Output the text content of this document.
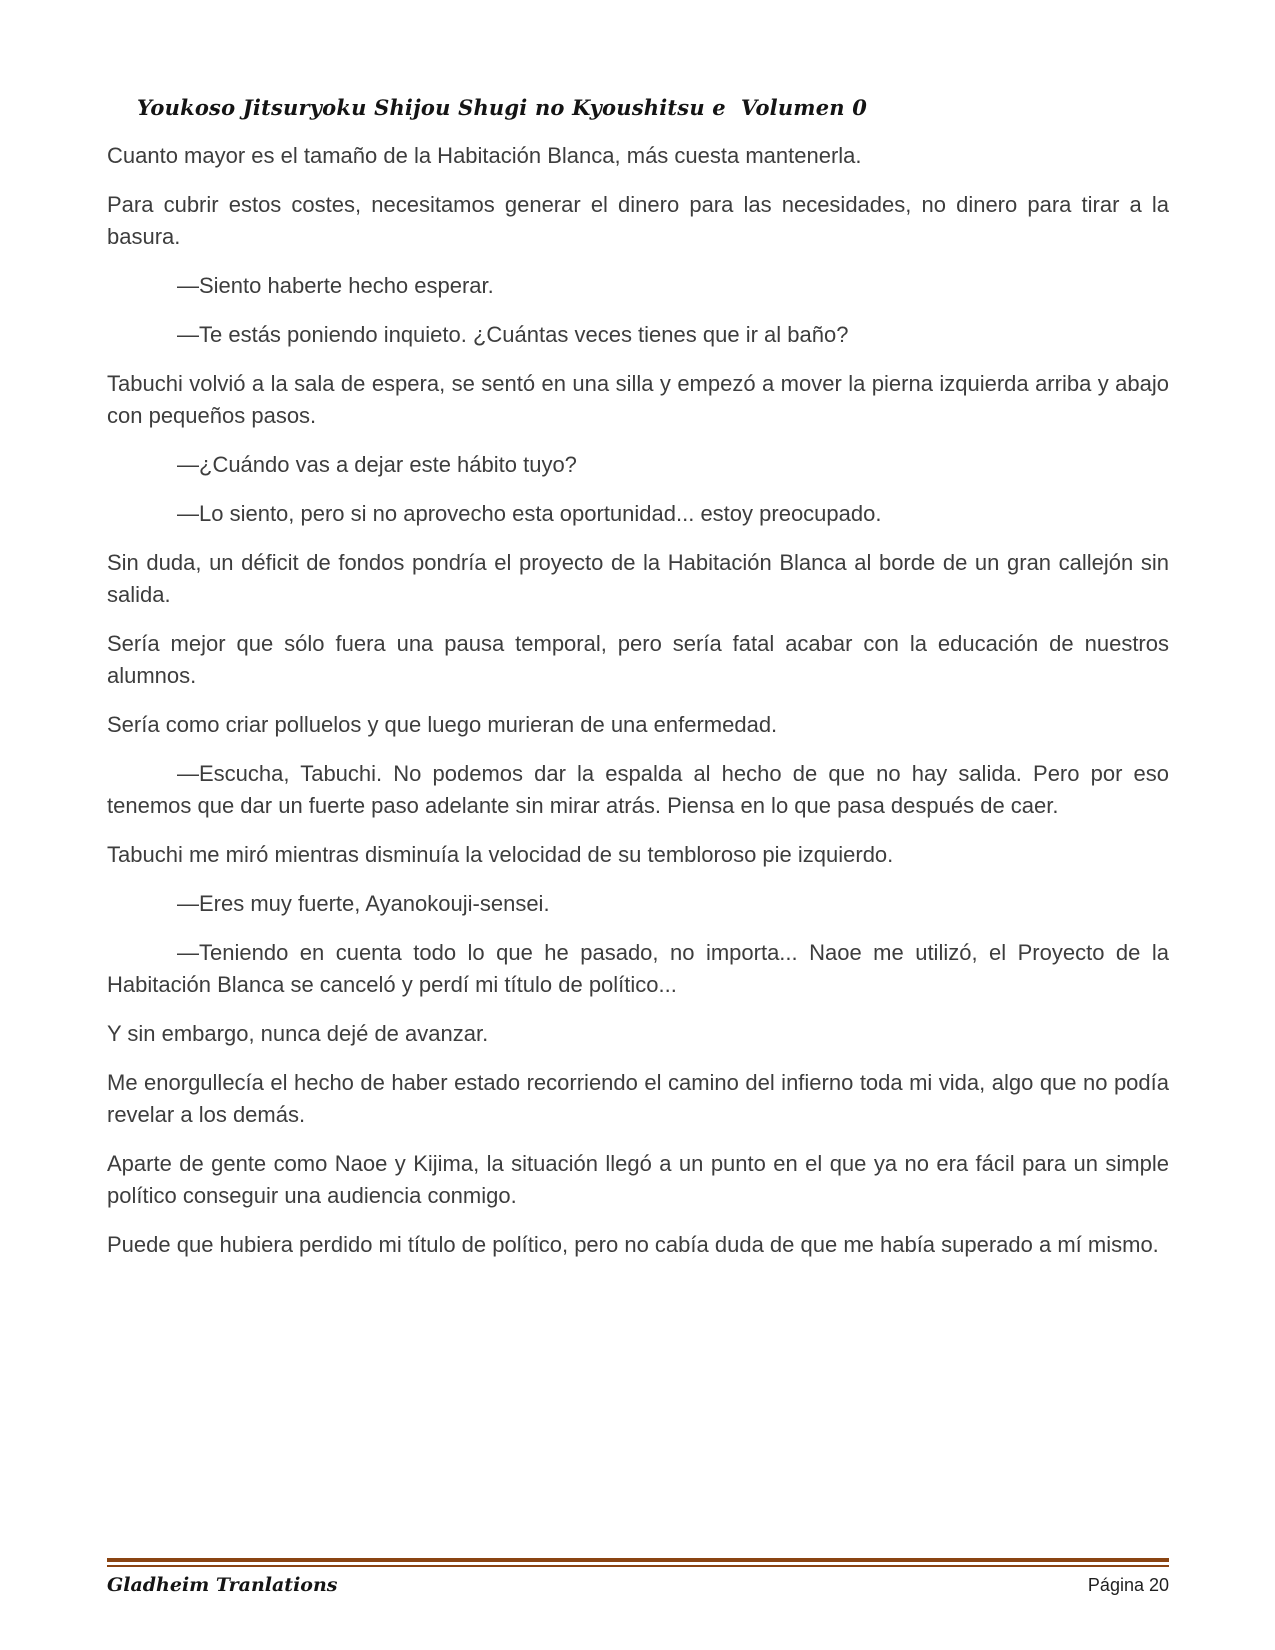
Youkoso Jitsuryoku Shijou Shugi no Kyoushitsu e  Volumen 0

Cuanto mayor es el tamaño de la Habitación Blanca, más cuesta mantenerla.

Para cubrir estos costes, necesitamos generar el dinero para las necesidades, no dinero para tirar a la basura.

—Siento haberte hecho esperar.

—Te estás poniendo inquieto. ¿Cuántas veces tienes que ir al baño?

Tabuchi volvió a la sala de espera, se sentó en una silla y empezó a mover la pierna izquierda arriba y abajo con pequeños pasos.

—¿Cuándo vas a dejar este hábito tuyo?

—Lo siento, pero si no aprovecho esta oportunidad... estoy preocupado.

Sin duda, un déficit de fondos pondría el proyecto de la Habitación Blanca al borde de un gran callejón sin salida.

Sería mejor que sólo fuera una pausa temporal, pero sería fatal acabar con la educación de nuestros alumnos.

Sería como criar polluelos y que luego murieran de una enfermedad.

—Escucha, Tabuchi. No podemos dar la espalda al hecho de que no hay salida. Pero por eso tenemos que dar un fuerte paso adelante sin mirar atrás. Piensa en lo que pasa después de caer.

Tabuchi me miró mientras disminuía la velocidad de su tembloroso pie izquierdo.

—Eres muy fuerte, Ayanokouji-sensei.

—Teniendo en cuenta todo lo que he pasado, no importa... Naoe me utilizó, el Proyecto de la Habitación Blanca se canceló y perdí mi título de político...

Y sin embargo, nunca dejé de avanzar.

Me enorgullecía el hecho de haber estado recorriendo el camino del infierno toda mi vida, algo que no podía revelar a los demás.

Aparte de gente como Naoe y Kijima, la situación llegó a un punto en el que ya no era fácil para un simple político conseguir una audiencia conmigo.

Puede que hubiera perdido mi título de político, pero no cabía duda de que me había superado a mí mismo.

Gladheim Tranlations	Página 20
